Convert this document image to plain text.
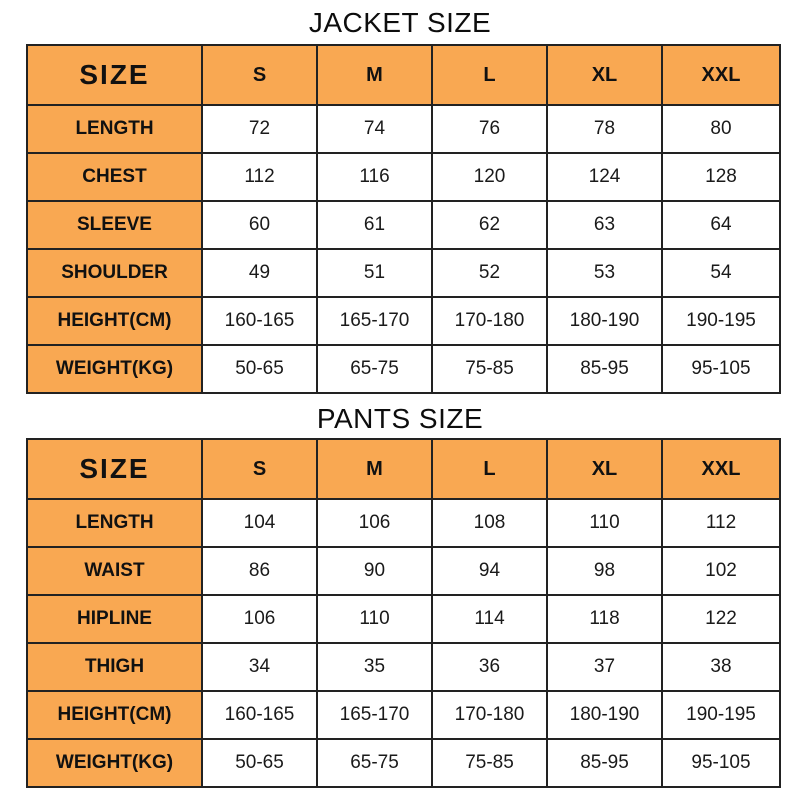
JACKET SIZE
SIZE	S	M	L	XL	XXL
LENGTH	72	74	76	78	80
CHEST	112	116	120	124	128
SLEEVE	60	61	62	63	64
SHOULDER	49	51	52	53	54
HEIGHT(CM)	160-165	165-170	170-180	180-190	190-195
WEIGHT(KG)	50-65	65-75	75-85	85-95	95-105
PANTS SIZE
SIZE	S	M	L	XL	XXL
LENGTH	104	106	108	110	112
WAIST	86	90	94	98	102
HIPLINE	106	110	114	118	122
THIGH	34	35	36	37	38
HEIGHT(CM)	160-165	165-170	170-180	180-190	190-195
WEIGHT(KG)	50-65	65-75	75-85	85-95	95-105
